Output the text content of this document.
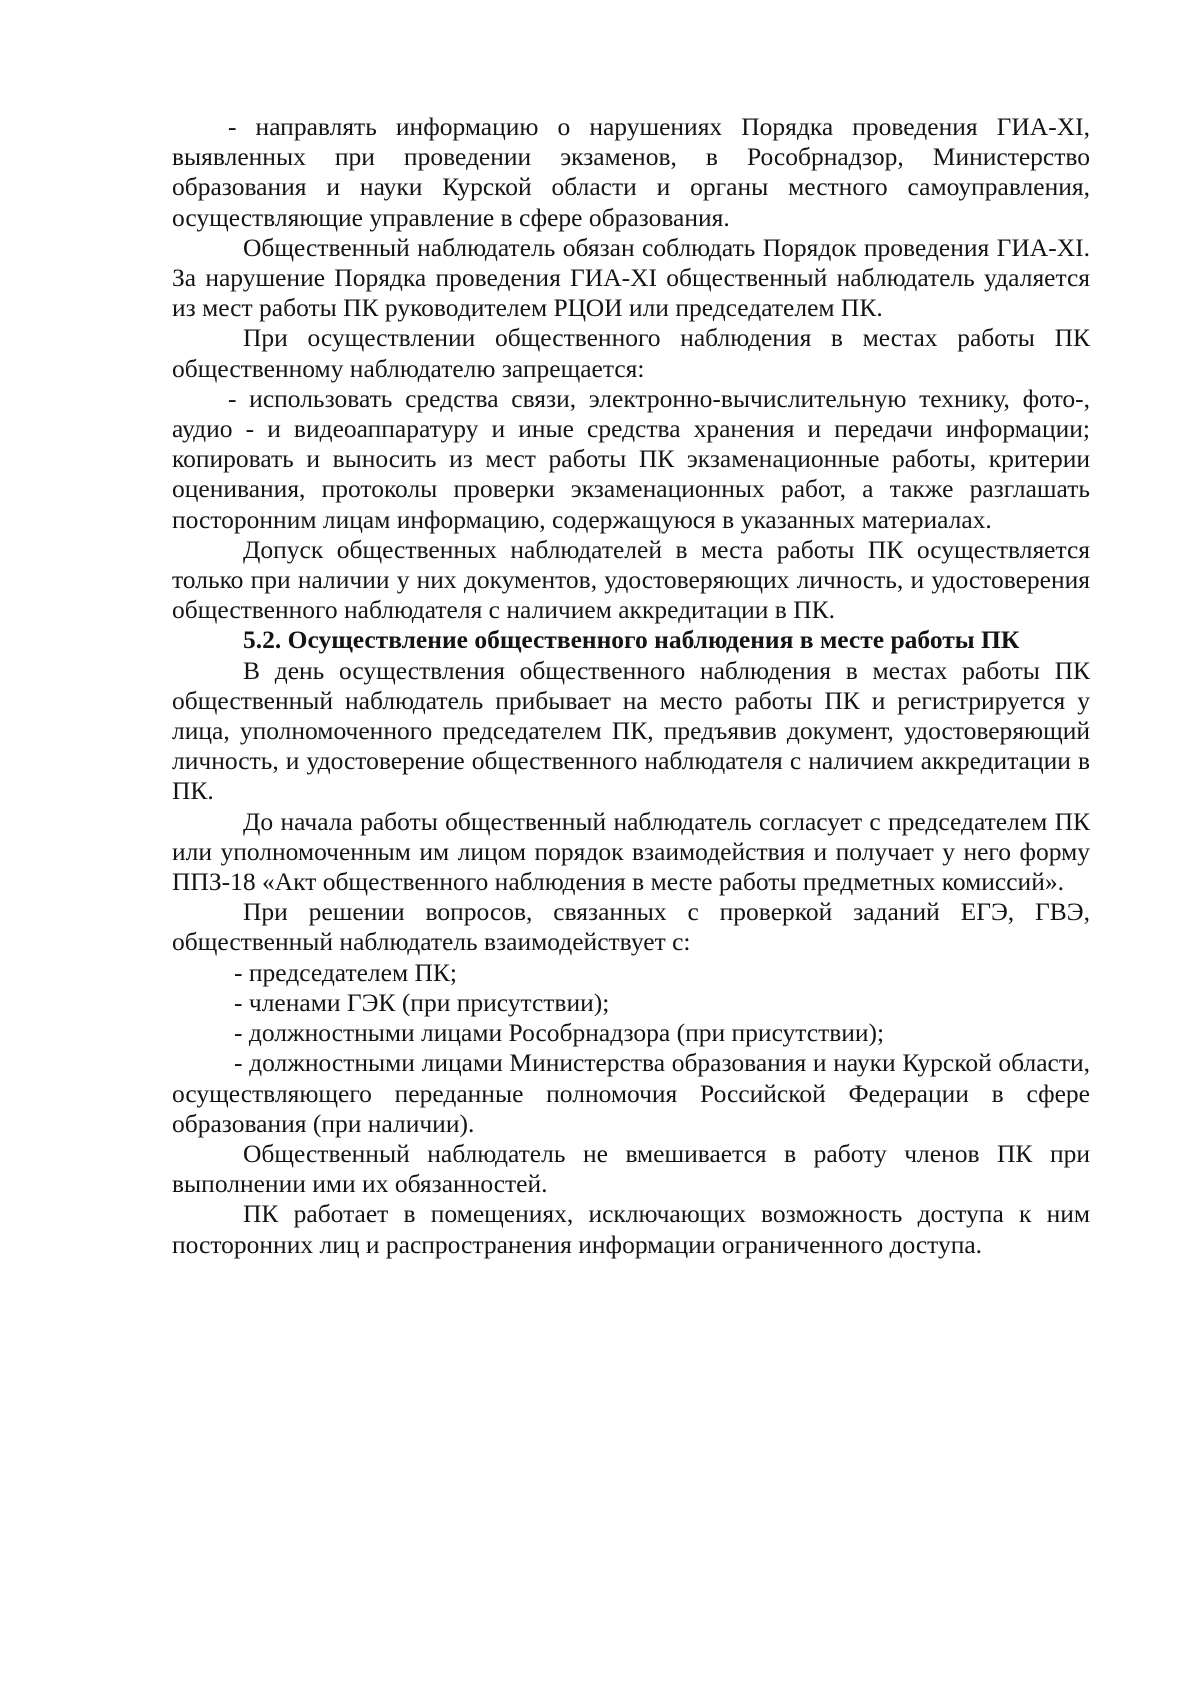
- направлять информацию о нарушениях Порядка проведения ГИА-XI, выявленных при проведении экзаменов, в Рособрнадзор, Министерство образования и науки Курской области и органы местного самоуправления, осуществляющие управление в сфере образования.

Общественный наблюдатель обязан соблюдать Порядок проведения ГИА-XI. За нарушение Порядка проведения ГИА-XI общественный наблюдатель удаляется из мест работы ПК руководителем РЦОИ или председателем ПК.

При осуществлении общественного наблюдения в местах работы ПК общественному наблюдателю запрещается:

- использовать средства связи, электронно-вычислительную технику, фото-, аудио - и видеоаппаратуру и иные средства хранения и передачи информации; копировать и выносить из мест работы ПК экзаменационные работы, критерии оценивания, протоколы проверки экзаменационных работ, а также разглашать посторонним лицам информацию, содержащуюся в указанных материалах.

Допуск общественных наблюдателей в места работы ПК осуществляется только при наличии у них документов, удостоверяющих личность, и удостоверения общественного наблюдателя с наличием аккредитации в ПК.

5.2. Осуществление общественного наблюдения в месте работы ПК

В день осуществления общественного наблюдения в местах работы ПК общественный наблюдатель прибывает на место работы ПК и регистрируется у лица, уполномоченного председателем ПК, предъявив документ, удостоверяющий личность, и удостоверение общественного наблюдателя с наличием аккредитации в ПК.

До начала работы общественный наблюдатель согласует с председателем ПК или уполномоченным им лицом порядок взаимодействия и получает у него форму ППЗ-18 «Акт общественного наблюдения в месте работы предметных комиссий».

При решении вопросов, связанных с проверкой заданий ЕГЭ, ГВЭ, общественный наблюдатель взаимодействует с:

- председателем ПК;

- членами ГЭК (при присутствии);

- должностными лицами Рособрнадзора (при присутствии);

- должностными лицами Министерства образования и науки Курской области, осуществляющего переданные полномочия Российской Федерации в сфере образования (при наличии).

Общественный наблюдатель не вмешивается в работу членов ПК при выполнении ими их обязанностей.

ПК работает в помещениях, исключающих возможность доступа к ним посторонних лиц и распространения информации ограниченного доступа.
